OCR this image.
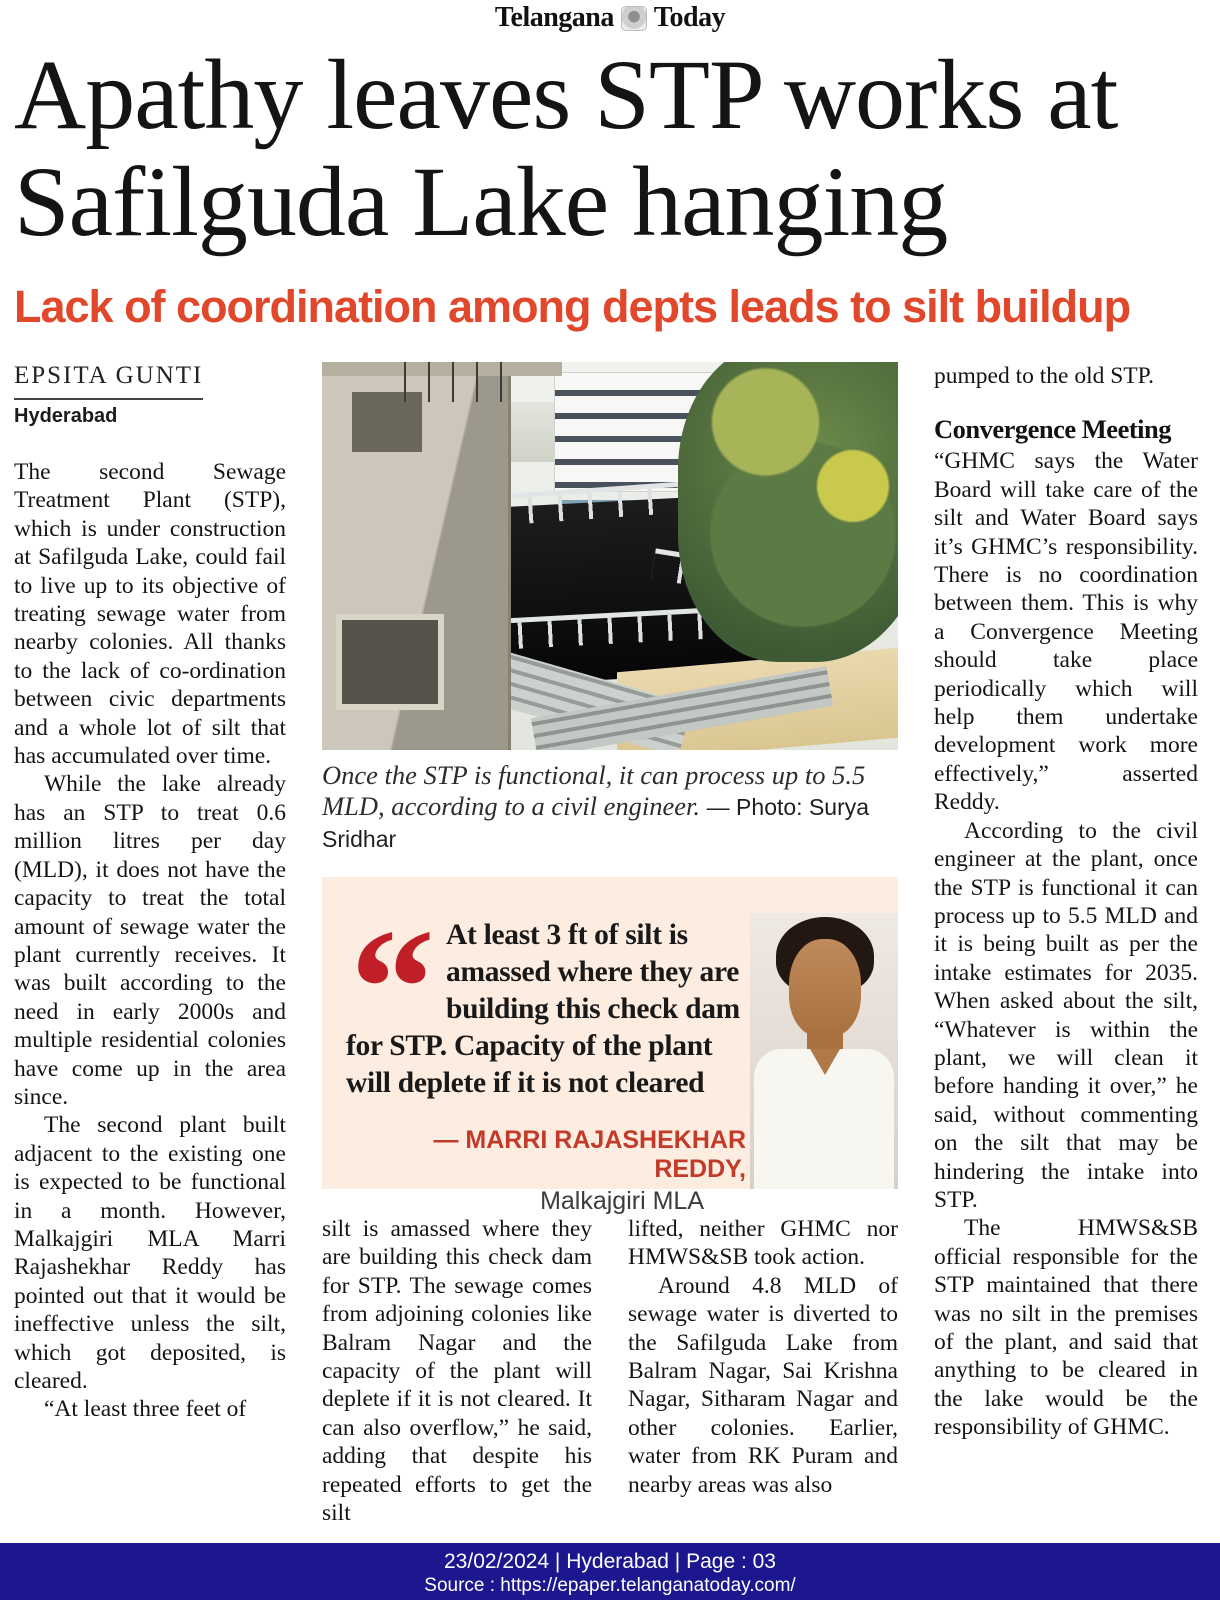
Telangana Today
Apathy leaves STP works at
Safilguda Lake hanging
Lack of coordination among depts leads to silt buildup
EPSITA GUNTI
Hyderabad

The second Sewage Treatment Plant (STP), which is under construction at Safilguda Lake, could fail to live up to its objective of treating sewage water from nearby colonies. All thanks to the lack of co-ordination between civic departments and a whole lot of silt that has accumulated over time.

While the lake already has an STP to treat 0.6 million litres per day (MLD), it does not have the capacity to treat the total amount of sewage water the plant currently receives. It was built according to the need in early 2000s and multiple residential colonies have come up in the area since.

The second plant built adjacent to the existing one is expected to be functional in a month. However, Malkajgiri MLA Marri Rajashekhar Reddy has pointed out that it would be ineffective unless the silt, which got deposited, is cleared.

“At least three feet of

Once the STP is functional, it can process up to 5.5 MLD, according to a civil engineer. — Photo: Surya Sridhar
“ At least 3 ft of silt is amassed where they are building this check dam for STP. Capacity of the plant will deplete if it is not cleared

— MARRI RAJASHEKHAR REDDY,
Malkajgiri MLA

silt is amassed where they are building this check dam for STP. The sewage comes from adjoining colonies like Balram Nagar and the capacity of the plant will deplete if it is not cleared. It can also overflow,” he said, adding that despite his repeated efforts to get the silt

lifted, neither GHMC nor HMWS&SB took action.

Around 4.8 MLD of sewage water is diverted to the Safilguda Lake from Balram Nagar, Sai Krishna Nagar, Sitharam Nagar and other colonies. Earlier, water from RK Puram and nearby areas was also

pumped to the old STP.

Convergence Meeting

“GHMC says the Water Board will take care of the silt and Water Board says it’s GHMC’s responsibility. There is no coordination between them. This is why a Convergence Meeting should take place periodically which will help them undertake development work more effectively,” asserted Reddy.

According to the civil engineer at the plant, once the STP is functional it can process up to 5.5 MLD and it is being built as per the intake estimates for 2035. When asked about the silt, “Whatever is within the plant, we will clean it before handing it over,” he said, without commenting on the silt that may be hindering the intake into STP.

The HMWS&SB official responsible for the STP maintained that there was no silt in the premises of the plant, and said that anything to be cleared in the lake would be the responsibility of GHMC.

23/02/2024 | Hyderabad | Page : 03
Source : https://epaper.telanganatoday.com/
